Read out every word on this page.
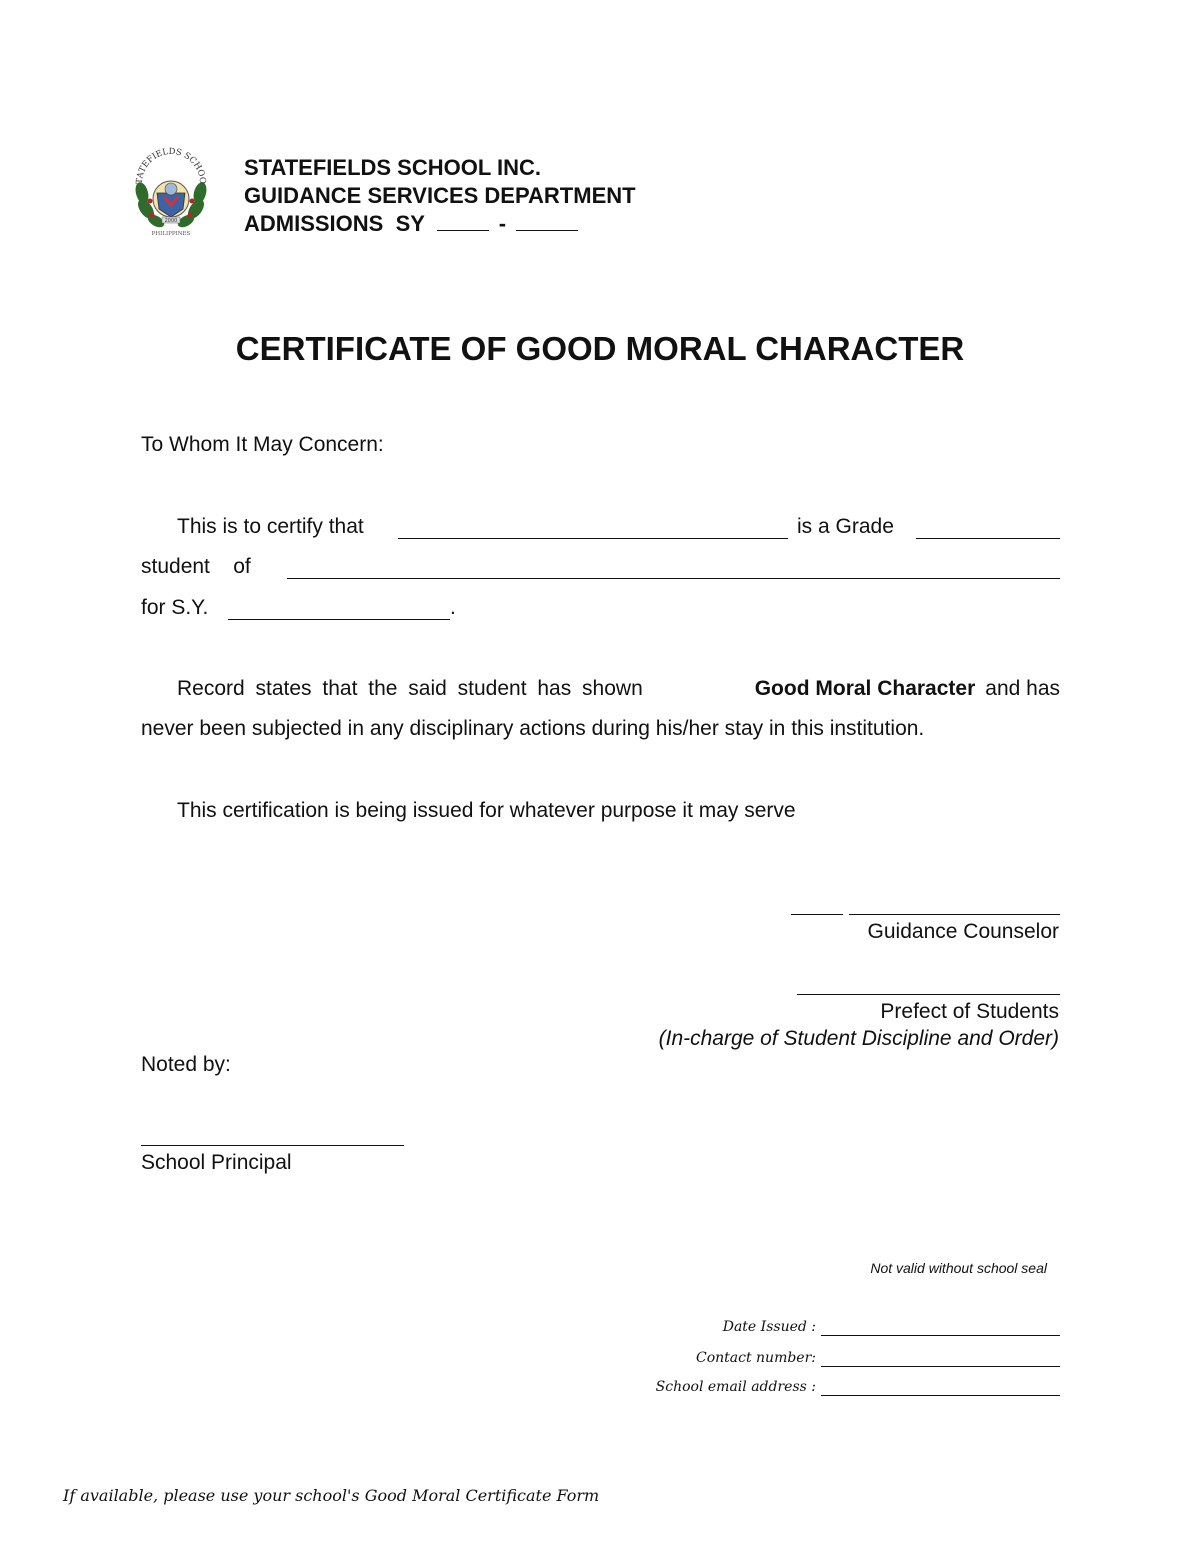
TATEFIELDS SCHOO
2000
PHILIPPINES
STATEFIELDS SCHOOL INC.
GUIDANCE SERVICES DEPARTMENT
ADMISSIONS  SY	-
CERTIFICATE OF GOOD MORAL CHARACTER
To Whom It May Concern:
This is to certify that	is a Grade
student    of
for S.Y.	.
Record states that the said student has shown	Good Moral Character and has
never been subjected in any disciplinary actions during his/her stay in this institution.
This certification is being issued for whatever purpose it may serve
Guidance Counselor
Prefect of Students
(In-charge of Student Discipline and Order)
Noted by:
School Principal
Not valid without school seal
Date Issued :
Contact number:
School email address :
If available, please use your school's Good Moral Certificate Form
